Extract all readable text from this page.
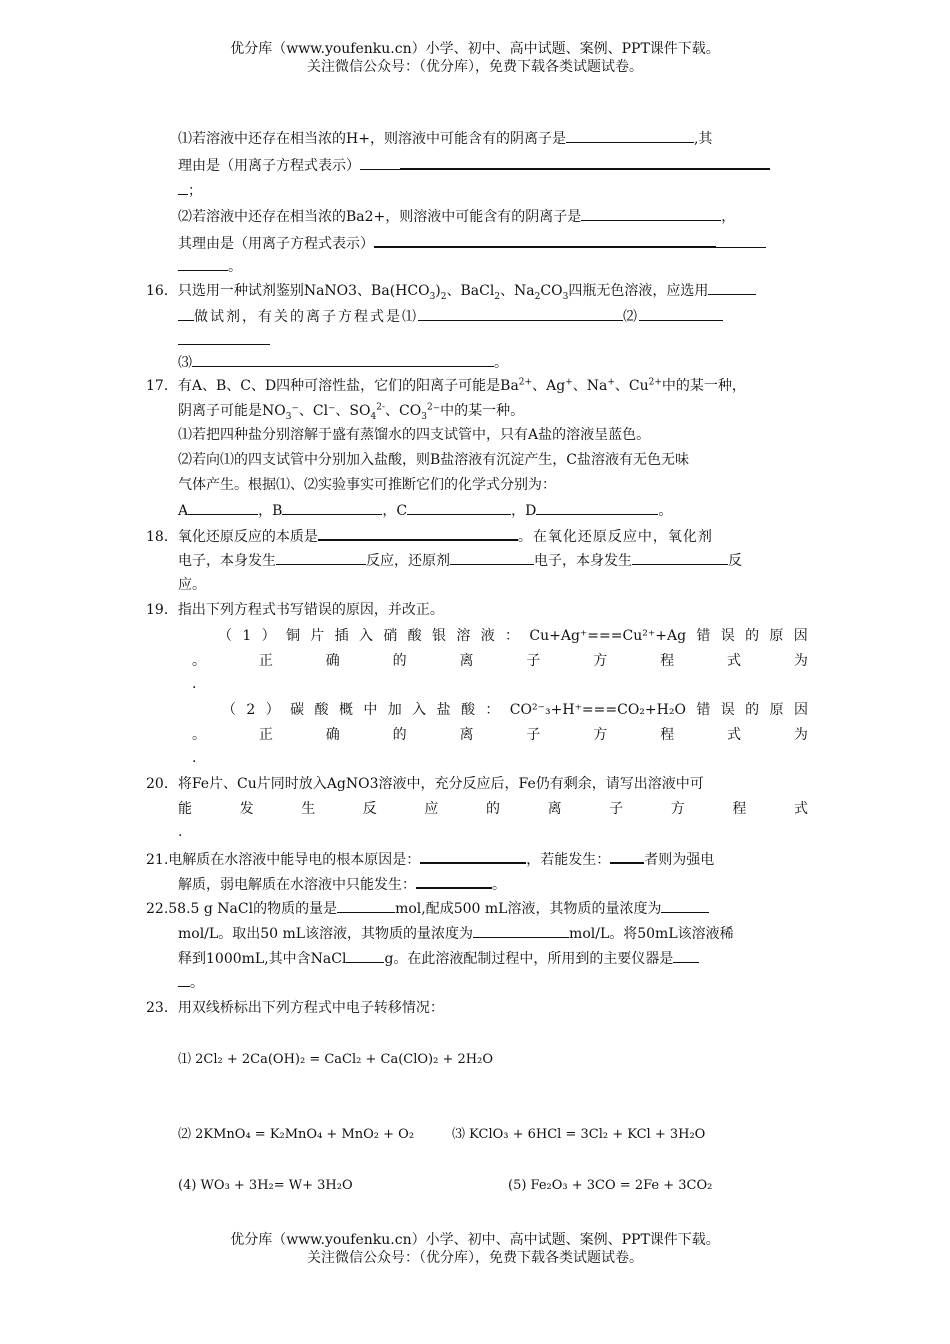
优分库（www.youfenku.cn）小学、初中、高中试题、案例、PPT课件下载。
关注微信公众号：（优分库），免费下载各类试题试卷。
⑴若溶液中还存在相当浓的H+，则溶液中可能含有的阴离子是	,其
理由是（用离子方程式表示）
；
⑵若溶液中还存在相当浓的Ba2+，则溶液中可能含有的阴离子是	，
其理由是（用离子方程式表示）
。
16．只选用一种试剂鉴别NaNO3、$Ba(HCO_3)_2$、BaCl$_2$、$Na_2CO_3$四瓶无色溶液，应选用
做试剂，有关的离子方程式是⑴	⑵
⑶	。
17．有A、B、C、D四种可溶性盐，它们的阳离子可能是$Ba^{2+}$、Ag+、Na+、$Cu^{2+}$中的某一种，
阴离子可能是$NO_3^-$、Cl⁻、$SO_4^{2-}$、$CO_3^2^-$中的某一种。
⑴若把四种盐分别溶解于盛有蒸馏水的四支试管中，只有A盐的溶液呈蓝色。
⑵若向⑴的四支试管中分别加入盐酸，则B盐溶液有沉淀产生，C盐溶液有无色无味
气体产生。根据⑴、⑵实验事实可推断它们的化学式分别为：
A	，B	，C	，D	。
18．氧化还原反应的本质是	。在氧化还原反应中，氧化剂
电子，本身发生	反应，还原剂	电子，本身发生	反
应。
19．指出下列方程式书写错误的原因，并改正。
（ 1 ） 铜 片 插 入 硝 酸 银 溶 液 ： Cu+Ag⁺===Cu²⁺+Ag 错 误 的 原 因
。	正	确	的	离	子	方	程	式	为
.
（ 2 ） 碳 酸 概 中 加 入 盐 酸 ： CO²⁻₃+H⁺===CO₂+H₂O 错 误 的 原 因
。	正	确	的	离	子	方	程	式	为
.
20．将Fe片、Cu片同时放入AgNO3溶液中，充分反应后，Fe仍有剩余，请写出溶液中可
能	发	生	反	应	的	离	子	方	程	式
.
21.电解质在水溶液中能导电的根本原因是：	，若能发生： 者则为强电
解质，弱电解质在水溶液中只能发生：	。
22.58.5 g NaCl的物质的量是	mol,配成500 mL溶液，其物质的量浓度为
mol/L。取出50 mL该溶液，其物质的量浓度为	mol/L。将50mL该溶液稀
释到1000mL,其中含NaCl	g。在此溶液配制过程中，所用到的主要仪器是
。
23．用双线桥标出下列方程式中电子转移情况：
⑴ 2Cl₂ + 2Ca(OH)₂ = CaCl₂ + Ca(ClO)₂ + 2H₂O
⑵ 2KMnO₄ = K₂MnO₄ + MnO₂ + O₂	⑶ KClO₃ + 6HCl = 3Cl₂ + KCl + 3H₂O
(4) WO₃ + 3H₂= W+ 3H₂O	(5) Fe₂O₃ + 3CO = 2Fe + 3CO₂
优分库（www.youfenku.cn）小学、初中、高中试题、案例、PPT课件下载。
关注微信公众号：（优分库），免费下载各类试题试卷。
